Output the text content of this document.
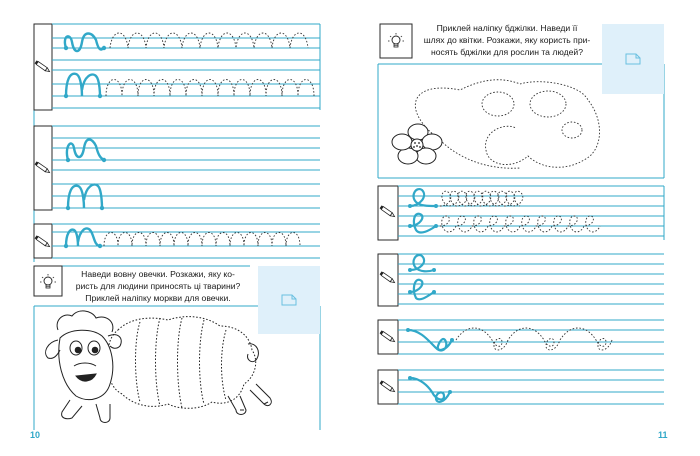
Наведи вовну овечки. Розкажи, яку ко-
ристь для людини приносять ці тварини?
Приклей наліпку моркви для овечки.
Приклей наліпку бджілки. Наведи її
шлях до квітки. Розкажи, яку користь при-
носять бджілки для рослин та людей?
10	11
